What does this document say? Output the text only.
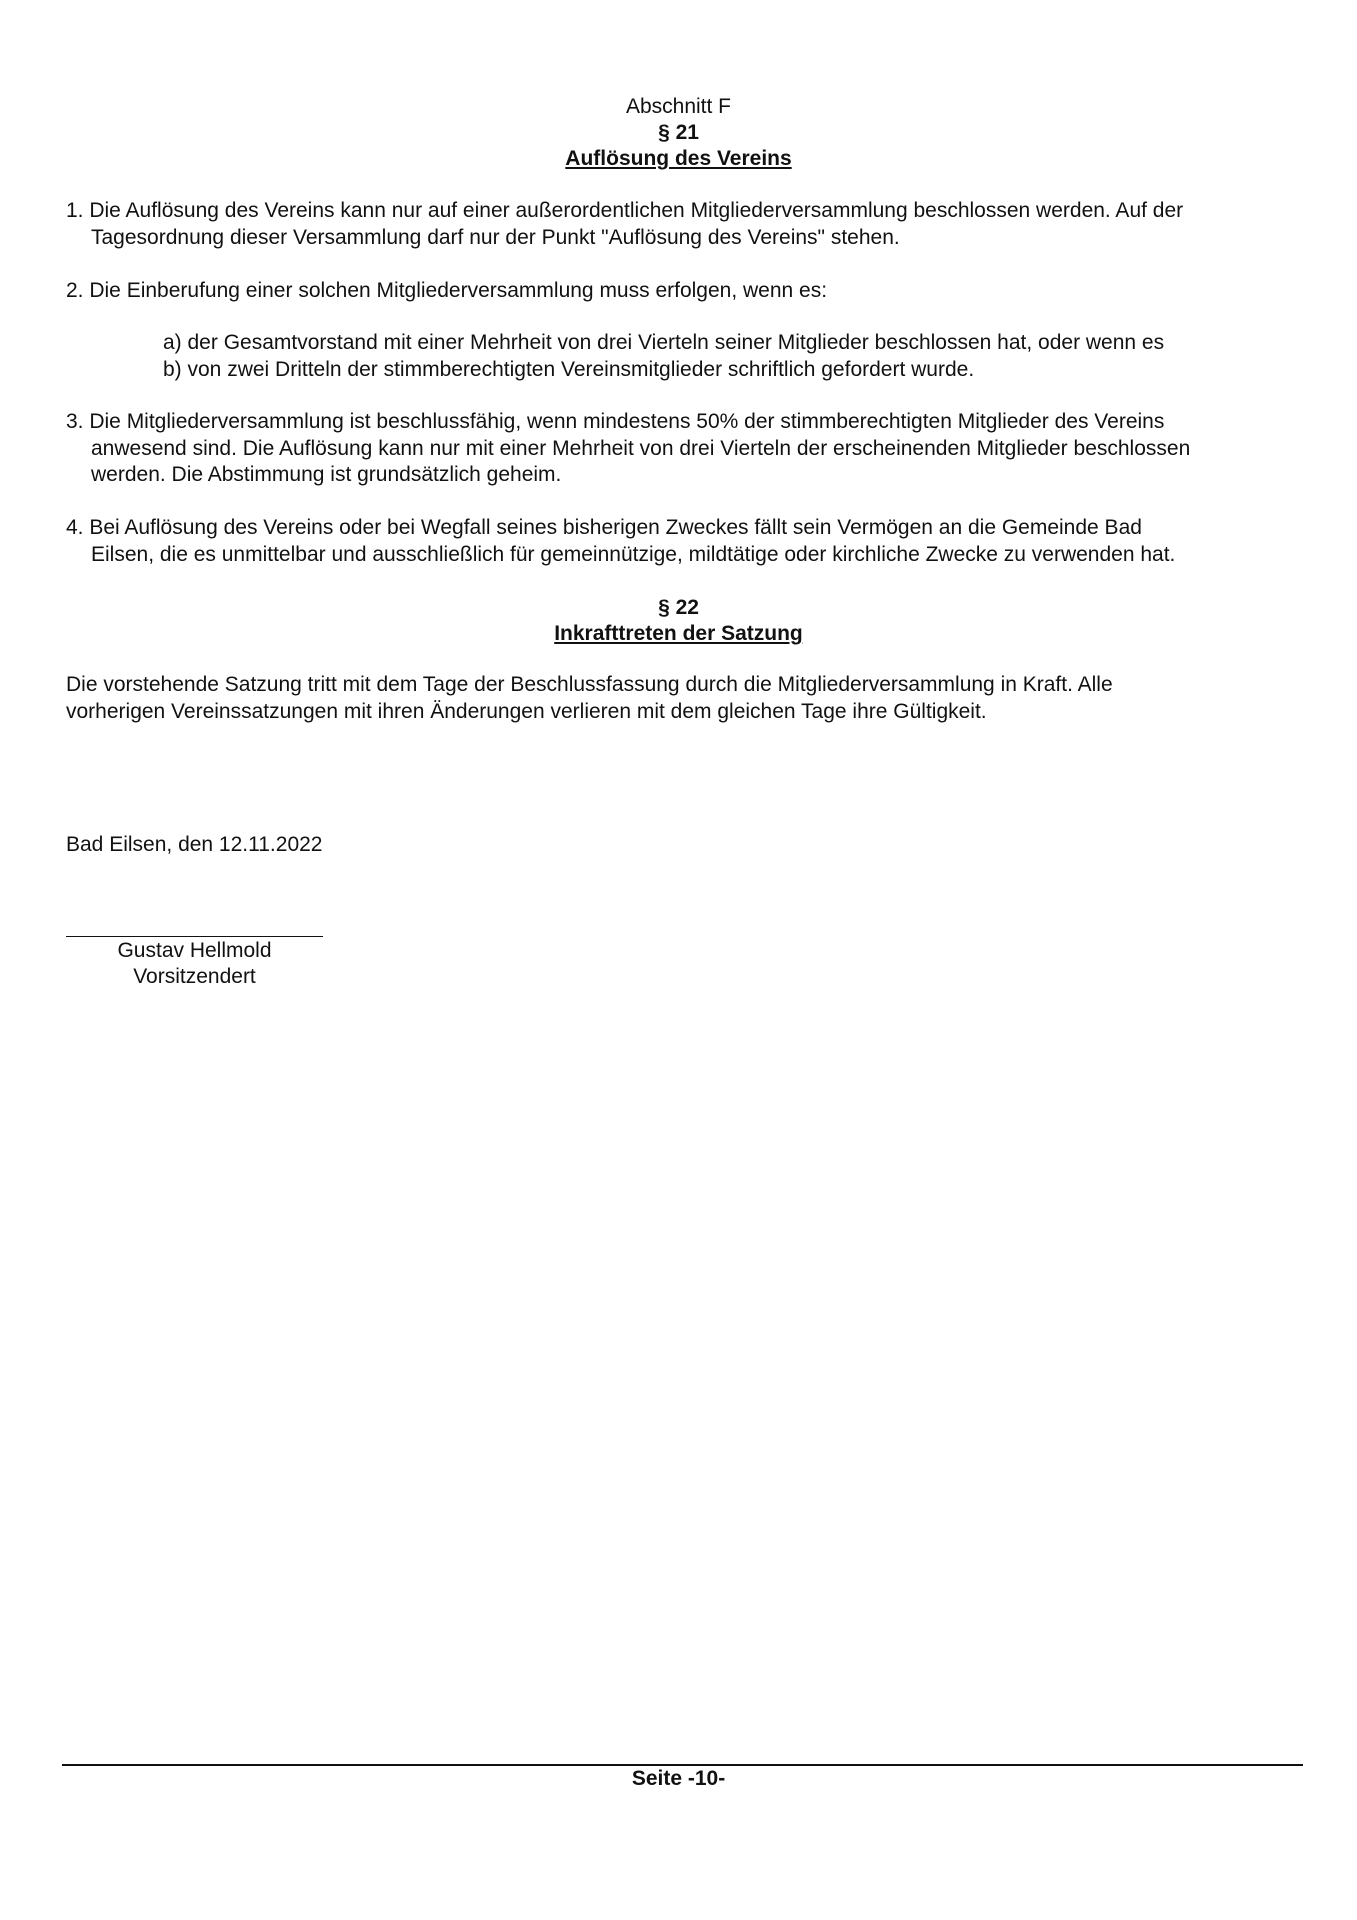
Abschnitt F
§ 21
Auflösung des Vereins
1. Die Auflösung des Vereins kann nur auf einer außerordentlichen Mitgliederversammlung beschlossen werden. Auf der
Tagesordnung dieser Versammlung darf nur der Punkt "Auflösung des Vereins" stehen.
2. Die Einberufung einer solchen Mitgliederversammlung muss erfolgen, wenn es:
a) der Gesamtvorstand mit einer Mehrheit von drei Vierteln seiner Mitglieder beschlossen hat, oder wenn es
b) von zwei Dritteln der stimmberechtigten Vereinsmitglieder schriftlich gefordert wurde.
3. Die Mitgliederversammlung ist beschlussfähig, wenn mindestens 50% der stimmberechtigten Mitglieder des Vereins
anwesend sind. Die Auflösung kann nur mit einer Mehrheit von drei Vierteln der erscheinenden Mitglieder beschlossen
werden. Die Abstimmung ist grundsätzlich geheim.
4. Bei Auflösung des Vereins oder bei Wegfall seines bisherigen Zweckes fällt sein Vermögen an die Gemeinde Bad
Eilsen, die es unmittelbar und ausschließlich für gemeinnützige, mildtätige oder kirchliche Zwecke zu verwenden hat.
§ 22
Inkrafttreten der Satzung
Die vorstehende Satzung tritt mit dem Tage der Beschlussfassung durch die Mitgliederversammlung in Kraft. Alle
vorherigen Vereinssatzungen mit ihren Änderungen verlieren mit dem gleichen Tage ihre Gültigkeit.
Bad Eilsen, den 12.11.2022
Gustav Hellmold
Vorsitzendert
Seite -10-
